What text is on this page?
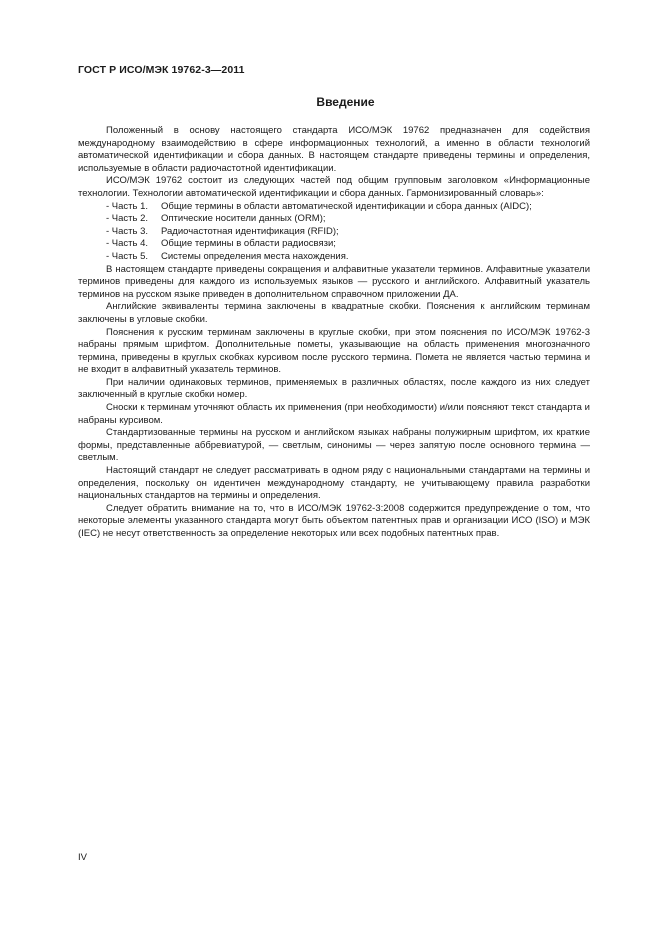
ГОСТ Р ИСО/МЭК 19762-3—2011
Введение

Положенный в основу настоящего стандарта ИСО/МЭК 19762 предназначен для содействия международному взаимодействию в сфере информационных технологий, а именно в области технологий автоматической идентификации и сбора данных. В настоящем стандарте приведены термины и определения, используемые в области радиочастотной идентификации.

ИСО/МЭК 19762 состоит из следующих частей под общим групповым заголовком «Информационные технологии. Технологии автоматической идентификации и сбора данных. Гармонизированный словарь»:

- Часть 1. Общие термины в области автоматической идентификации и сбора данных (AIDC);
- Часть 2. Оптические носители данных (ORM);
- Часть 3. Радиочастотная идентификация (RFID);
- Часть 4. Общие термины в области радиосвязи;
- Часть 5. Системы определения места нахождения.

В настоящем стандарте приведены сокращения и алфавитные указатели терминов. Алфавитные указатели терминов приведены для каждого из используемых языков — русского и английского. Алфавитный указатель терминов на русском языке приведен в дополнительном справочном приложении ДА.

Английские эквиваленты термина заключены в квадратные скобки. Пояснения к английским терминам заключены в угловые скобки.

Пояснения к русским терминам заключены в круглые скобки, при этом пояснения по ИСО/МЭК 19762-3 набраны прямым шрифтом. Дополнительные пометы, указывающие на область применения многозначного термина, приведены в круглых скобках курсивом после русского термина. Помета не является частью термина и не входит в алфавитный указатель терминов.

При наличии одинаковых терминов, применяемых в различных областях, после каждого из них следует заключенный в круглые скобки номер.

Сноски к терминам уточняют область их применения (при необходимости) и/или поясняют текст стандарта и набраны курсивом.

Стандартизованные термины на русском и английском языках набраны полужирным шрифтом, их краткие формы, представленные аббревиатурой, — светлым, синонимы — через запятую после основного термина — светлым.

Настоящий стандарт не следует рассматривать в одном ряду с национальными стандартами на термины и определения, поскольку он идентичен международному стандарту, не учитывающему правила разработки национальных стандартов на термины и определения.

Следует обратить внимание на то, что в ИСО/МЭК 19762-3:2008 содержится предупреждение о том, что некоторые элементы указанного стандарта могут быть объектом патентных прав и организации ИСО (ISO) и МЭК (IEC) не несут ответственность за определение некоторых или всех подобных патентных прав.

IV
